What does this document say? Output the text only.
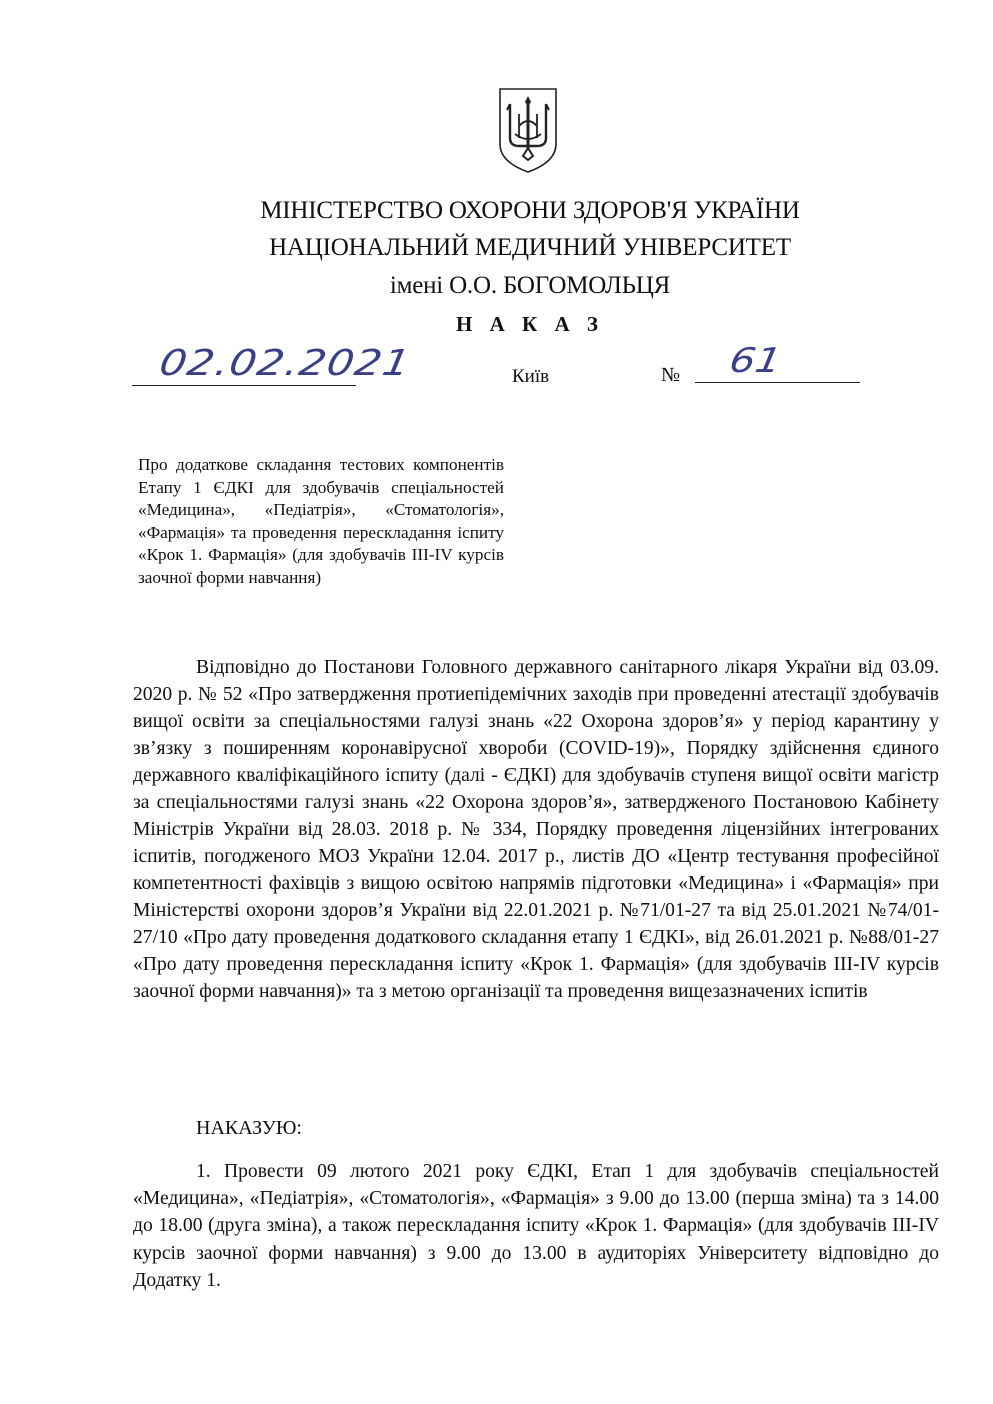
МІНІСТЕРСТВО ОХОРОНИ ЗДОРОВ'Я УКРАЇНИ
НАЦІОНАЛЬНИЙ МЕДИЧНИЙ УНІВЕРСИТЕТ
імені О.О. БОГОМОЛЬЦЯ
Н А К А З
02.02.2021	Київ	№ 61
Про додаткове складання тестових компонентів Етапу 1 ЄДКІ для здобувачів спеціальностей «Медицина», «Педіатрія», «Стоматологія», «Фармація» та проведення перескладання іспиту «Крок 1. Фармація» (для здобувачів ІІІ-IV курсів заочної форми навчання)
Відповідно до Постанови Головного державного санітарного лікаря України від 03.09. 2020 р. № 52 «Про затвердження протиепідемічних заходів при проведенні атестації здобувачів вищої освіти за спеціальностями галузі знань «22 Охорона здоров’я» у період карантину у зв’язку з поширенням коронавірусної хвороби (COVID-19)», Порядку здійснення єдиного державного кваліфікаційного іспиту (далі - ЄДКІ) для здобувачів ступеня вищої освіти магістр за спеціальностями галузі знань «22 Охорона здоров’я», затвердженого Постановою Кабінету Міністрів України від 28.03. 2018 р. № 334, Порядку проведення ліцензійних інтегрованих іспитів, погодженого МОЗ України 12.04. 2017 р., листів ДО «Центр тестування професійної компетентності фахівців з вищою освітою напрямів підготовки «Медицина» і «Фармація» при Міністерстві охорони здоров’я України від 22.01.2021 р. №71/01-27 та від 25.01.2021 №74/01-27/10 «Про дату проведення додаткового складання етапу 1 ЄДКІ», від 26.01.2021 р. №88/01-27 «Про дату проведення перескладання іспиту «Крок 1. Фармація» (для здобувачів III-IV курсів заочної форми навчання)» та з метою організації та проведення вищезазначених іспитів
НАКАЗУЮ:
1. Провести 09 лютого 2021 року ЄДКІ, Етап 1 для здобувачів спеціальностей «Медицина», «Педіатрія», «Стоматологія», «Фармація» з 9.00 до 13.00 (перша зміна) та з 14.00 до 18.00 (друга зміна), а також перескладання іспиту «Крок 1. Фармація» (для здобувачів III-IV курсів заочної форми навчання) з 9.00 до 13.00 в аудиторіях Університету відповідно до Додатку 1.
